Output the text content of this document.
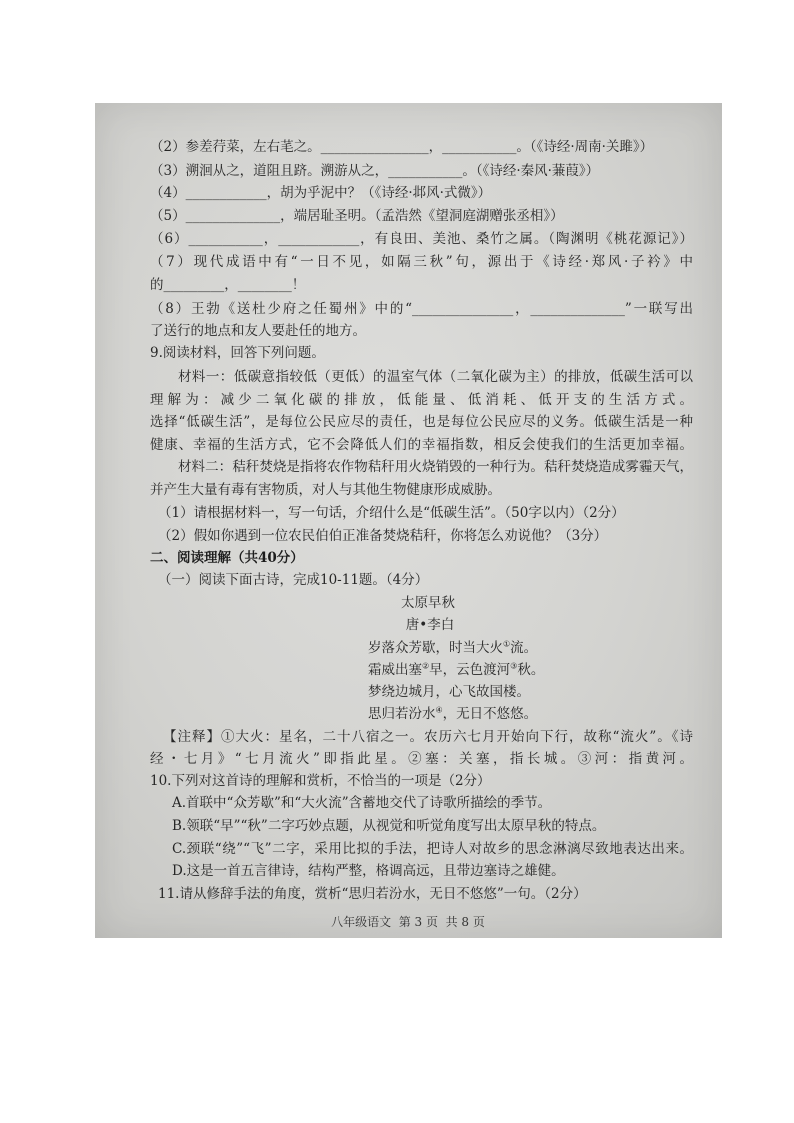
（2）参差荇菜，左右芼之。________________，___________。（《诗经·周南·关雎》）
（3）溯洄从之，道阻且跻。溯游从之，___________。（《诗经·秦风·蒹葭》）
（4）____________，胡为乎泥中？（《诗经·邶风·式微》）
（5）______________，端居耻圣明。（孟浩然《望洞庭湖赠张丞相》）
（6）___________，____________，有良田、美池、桑竹之属。（陶渊明《桃花源记》）
（7）现代成语中有“一日不见，如隔三秋”句，源出于《诗经·郑风·子衿》中
的_________，________！
（8）王勃《送杜少府之任蜀州》中的“_______________，______________”一联写出
了送行的地点和友人要赴任的地方。
9.阅读材料，回答下列问题。
材料一：低碳意指较低（更低）的温室气体（二氧化碳为主）的排放，低碳生活可以
理解为：减少二氧化碳的排放，低能量、低消耗、低开支的生活方式。
选择“低碳生活”，是每位公民应尽的责任，也是每位公民应尽的义务。低碳生活是一种
健康、幸福的生活方式，它不会降低人们的幸福指数，相反会使我们的生活更加幸福。
材料二：秸秆焚烧是指将农作物秸秆用火烧销毁的一种行为。秸秆焚烧造成雾霾天气，
并产生大量有毒有害物质，对人与其他生物健康形成威胁。
（1）请根据材料一，写一句话，介绍什么是“低碳生活”。（50字以内）（2分）
（2）假如你遇到一位农民伯伯正准备焚烧秸秆，你将怎么劝说他？（3分）
二、阅读理解（共40分）
（一）阅读下面古诗，完成10-11题。（4分）
太原早秋
唐•李白
岁落众芳歇，时当大火①流。
霜威出塞②早，云色渡河③秋。
梦绕边城月，心飞故国楼。
思归若汾水④，无日不悠悠。
【注释】①大火：星名，二十八宿之一。农历六七月开始向下行，故称“流火”。《诗
经・七月》“七月流火”即指此星。②塞：关塞，指长城。③河：指黄河。
10.下列对这首诗的理解和赏析，不恰当的一项是（2分）
A.首联中“众芳歇”和“大火流”含蓄地交代了诗歌所描绘的季节。
B.领联“早”“秋”二字巧妙点题，从视觉和听觉角度写出太原早秋的特点。
C.颈联“绕”“飞”二字，采用比拟的手法，把诗人对故乡的思念淋漓尽致地表达出来。
D.这是一首五言律诗，结构严整，格调高远，且带边塞诗之雄健。
11.请从修辞手法的角度，赏析“思归若汾水，无日不悠悠”一句。（2分）
八年级语文  第 3 页  共 8 页
